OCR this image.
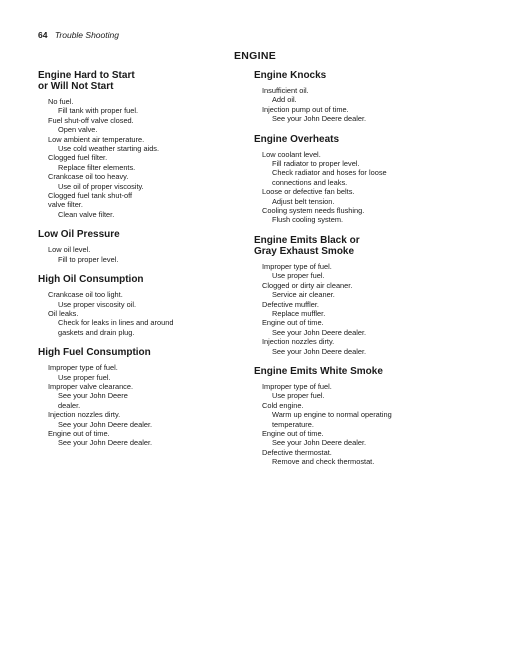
64 Trouble Shooting
ENGINE
Engine Hard to Start
or Will Not Start
No fuel.
Fill tank with proper fuel.
Fuel shut-off valve closed.
Open valve.
Low ambient air temperature.
Use cold weather starting aids.
Clogged fuel filter.
Replace filter elements.
Crankcase oil too heavy.
Use oil of proper viscosity.
Clogged fuel tank shut-off
valve filter.
Clean valve filter.
Low Oil Pressure
Low oil level.
Fill to proper level.
High Oil Consumption
Crankcase oil too light.
Use proper viscosity oil.
Oil leaks.
Check for leaks in lines and around
gaskets and drain plug.
High Fuel Consumption
Improper type of fuel.
Use proper fuel.
Improper valve clearance.
See your John Deere
dealer.
Injection nozzles dirty.
See your John Deere dealer.
Engine out of time.
See your John Deere dealer.
Engine Knocks
Insufficient oil.
Add oil.
Injection pump out of time.
See your John Deere dealer.
Engine Overheats
Low coolant level.
Fill radiator to proper level.
Check radiator and hoses for loose
connections and leaks.
Loose or defective fan belts.
Adjust belt tension.
Cooling system needs flushing.
Flush cooling system.
Engine Emits Black or
Gray Exhaust Smoke
Improper type of fuel.
Use proper fuel.
Clogged or dirty air cleaner.
Service air cleaner.
Defective muffler.
Replace muffler.
Engine out of time.
See your John Deere dealer.
Injection nozzles dirty.
See your John Deere dealer.
Engine Emits White Smoke
Improper type of fuel.
Use proper fuel.
Cold engine.
Warm up engine to normal operating
temperature.
Engine out of time.
See your John Deere dealer.
Defective thermostat.
Remove and check thermostat.
